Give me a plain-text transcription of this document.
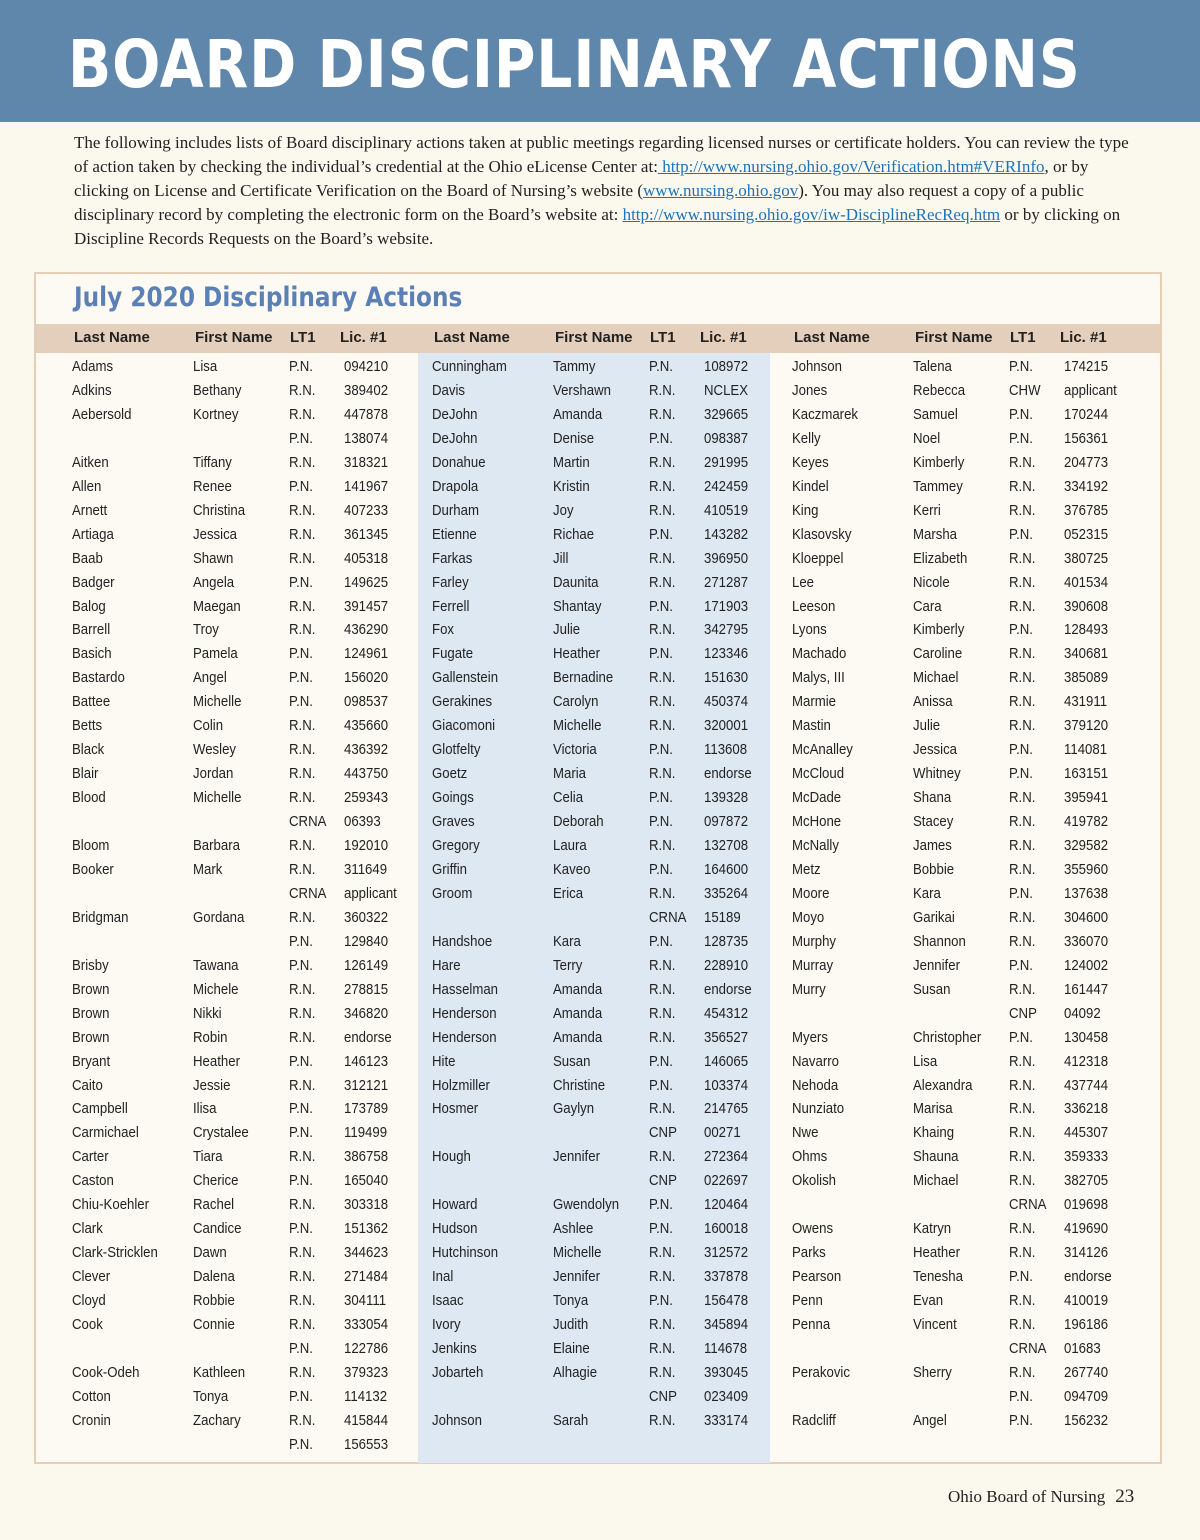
BOARD DISCIPLINARY ACTIONS
The following includes lists of Board disciplinary actions taken at public meetings regarding licensed nurses or certificate holders. You can review the type of action taken by checking the individual’s credential at the Ohio eLicense Center at: http://www.nursing.ohio.gov/Verification.htm#VERInfo, or by clicking on License and Certificate Verification on the Board of Nursing’s website (www.nursing.ohio.gov). You may also request a copy of a public disciplinary record by completing the electronic form on the Board’s website at: http://www.nursing.ohio.gov/iw-DisciplineRecReq.htm or by clicking on Discipline Records Requests on the Board’s website.
July 2020 Disciplinary Actions
Last Name	First Name LT1 Lic. #1	Last Name	First Name LT1 Lic. #1	Last Name	First Name LT1 Lic. #1
Adams	Lisa	P.N. 094210
Adkins	Bethany	R.N. 389402
Aebersold	Kortney	R.N. 447878
P.N. 138074
Aitken	Tiffany	R.N. 318321
Allen	Renee	P.N. 141967
Arnett	Christina	R.N. 407233
Artiaga	Jessica	R.N. 361345
Baab	Shawn	R.N. 405318
Badger	Angela	P.N. 149625
Balog	Maegan	R.N. 391457
Barrell	Troy	R.N. 436290
Basich	Pamela	P.N. 124961
Bastardo	Angel	P.N. 156020
Battee	Michelle	P.N. 098537
Betts	Colin	R.N. 435660
Black	Wesley	R.N. 436392
Blair	Jordan	R.N. 443750
Blood	Michelle	R.N. 259343
CRNA 06393
Bloom	Barbara	R.N. 192010
Booker	Mark	R.N. 311649
CRNA applicant
Bridgman	Gordana	R.N. 360322
P.N. 129840
Brisby	Tawana	P.N. 126149
Brown	Michele	R.N. 278815
Brown	Nikki	R.N. 346820
Brown	Robin	R.N. endorse
Bryant	Heather	P.N. 146123
Caito	Jessie	R.N. 312121
Campbell	Ilisa	P.N. 173789
Carmichael	Crystalee	P.N. 119499
Carter	Tiara	R.N. 386758
Caston	Cherice	P.N. 165040
Chiu-Koehler	Rachel	R.N. 303318
Clark	Candice	P.N. 151362
Clark-Stricklen Dawn	R.N. 344623
Clever	Dalena	R.N. 271484
Cloyd	Robbie	R.N. 304111
Cook	Connie	R.N. 333054
P.N. 122786
Cook-Odeh	Kathleen	R.N. 379323
Cotton	Tonya	P.N. 114132
Cronin	Zachary	R.N. 415844
P.N. 156553
Cunningham	Tammy	P.N. 108972
Davis	Vershawn	R.N. NCLEX
DeJohn	Amanda	R.N. 329665
DeJohn	Denise	P.N. 098387
Donahue	Martin	R.N. 291995
Drapola	Kristin	R.N. 242459
Durham	Joy	R.N. 410519
Etienne	Richae	P.N. 143282
Farkas	Jill	R.N. 396950
Farley	Daunita	R.N. 271287
Ferrell	Shantay	P.N. 171903
Fox	Julie	R.N. 342795
Fugate	Heather	P.N. 123346
Gallenstein	Bernadine R.N. 151630
Gerakines	Carolyn	R.N. 450374
Giacomoni	Michelle	R.N. 320001
Glotfelty	Victoria	P.N. 113608
Goetz	Maria	R.N. endorse
Goings	Celia	P.N. 139328
Graves	Deborah	P.N. 097872
Gregory	Laura	R.N. 132708
Griffin	Kaveo	P.N. 164600
Groom	Erica	R.N. 335264
CRNA 15189
Handshoe	Kara	P.N. 128735
Hare	Terry	R.N. 228910
Hasselman	Amanda	R.N. endorse
Henderson	Amanda	R.N. 454312
Henderson	Amanda	R.N. 356527
Hite	Susan	P.N. 146065
Holzmiller	Christine	P.N. 103374
Hosmer	Gaylyn	R.N. 214765
CNP 00271
Hough	Jennifer	R.N. 272364
CNP 022697
Howard	Gwendolyn P.N. 120464
Hudson	Ashlee	P.N. 160018
Hutchinson	Michelle	R.N. 312572
Inal	Jennifer	R.N. 337878
Isaac	Tonya	P.N. 156478
Ivory	Judith	R.N. 345894
Jenkins	Elaine	R.N. 114678
Jobarteh	Alhagie	R.N. 393045
CNP 023409
Johnson	Sarah	R.N. 333174
Johnson	Talena	P.N. 174215
Jones	Rebecca	CHW applicant
Kaczmarek	Samuel	P.N. 170244
Kelly	Noel	P.N. 156361
Keyes	Kimberly	R.N. 204773
Kindel	Tammey	R.N. 334192
King	Kerri	R.N. 376785
Klasovsky	Marsha	P.N. 052315
Kloeppel	Elizabeth	R.N. 380725
Lee	Nicole	R.N. 401534
Leeson	Cara	R.N. 390608
Lyons	Kimberly	P.N. 128493
Machado	Caroline	R.N. 340681
Malys, III	Michael	R.N. 385089
Marmie	Anissa	R.N. 431911
Mastin	Julie	R.N. 379120
McAnalley	Jessica	P.N. 114081
McCloud	Whitney	P.N. 163151
McDade	Shana	R.N. 395941
McHone	Stacey	R.N. 419782
McNally	James	R.N. 329582
Metz	Bobbie	R.N. 355960
Moore	Kara	P.N. 137638
Moyo	Garikai	R.N. 304600
Murphy	Shannon	R.N. 336070
Murray	Jennifer	P.N. 124002
Murry	Susan	R.N. 161447
CNP 04092
Myers	Christopher P.N. 130458
Navarro	Lisa	R.N. 412318
Nehoda	Alexandra R.N. 437744
Nunziato	Marisa	R.N. 336218
Nwe	Khaing	R.N. 445307
Ohms	Shauna	R.N. 359333
Okolish	Michael	R.N. 382705
CRNA 019698
Owens	Katryn	R.N. 419690
Parks	Heather	R.N. 314126
Pearson	Tenesha	P.N. endorse
Penn	Evan	R.N. 410019
Penna	Vincent	R.N. 196186
CRNA 01683
Perakovic	Sherry	R.N. 267740
P.N. 094709
Radcliff	Angel	P.N. 156232
Ohio Board of Nursing 23
